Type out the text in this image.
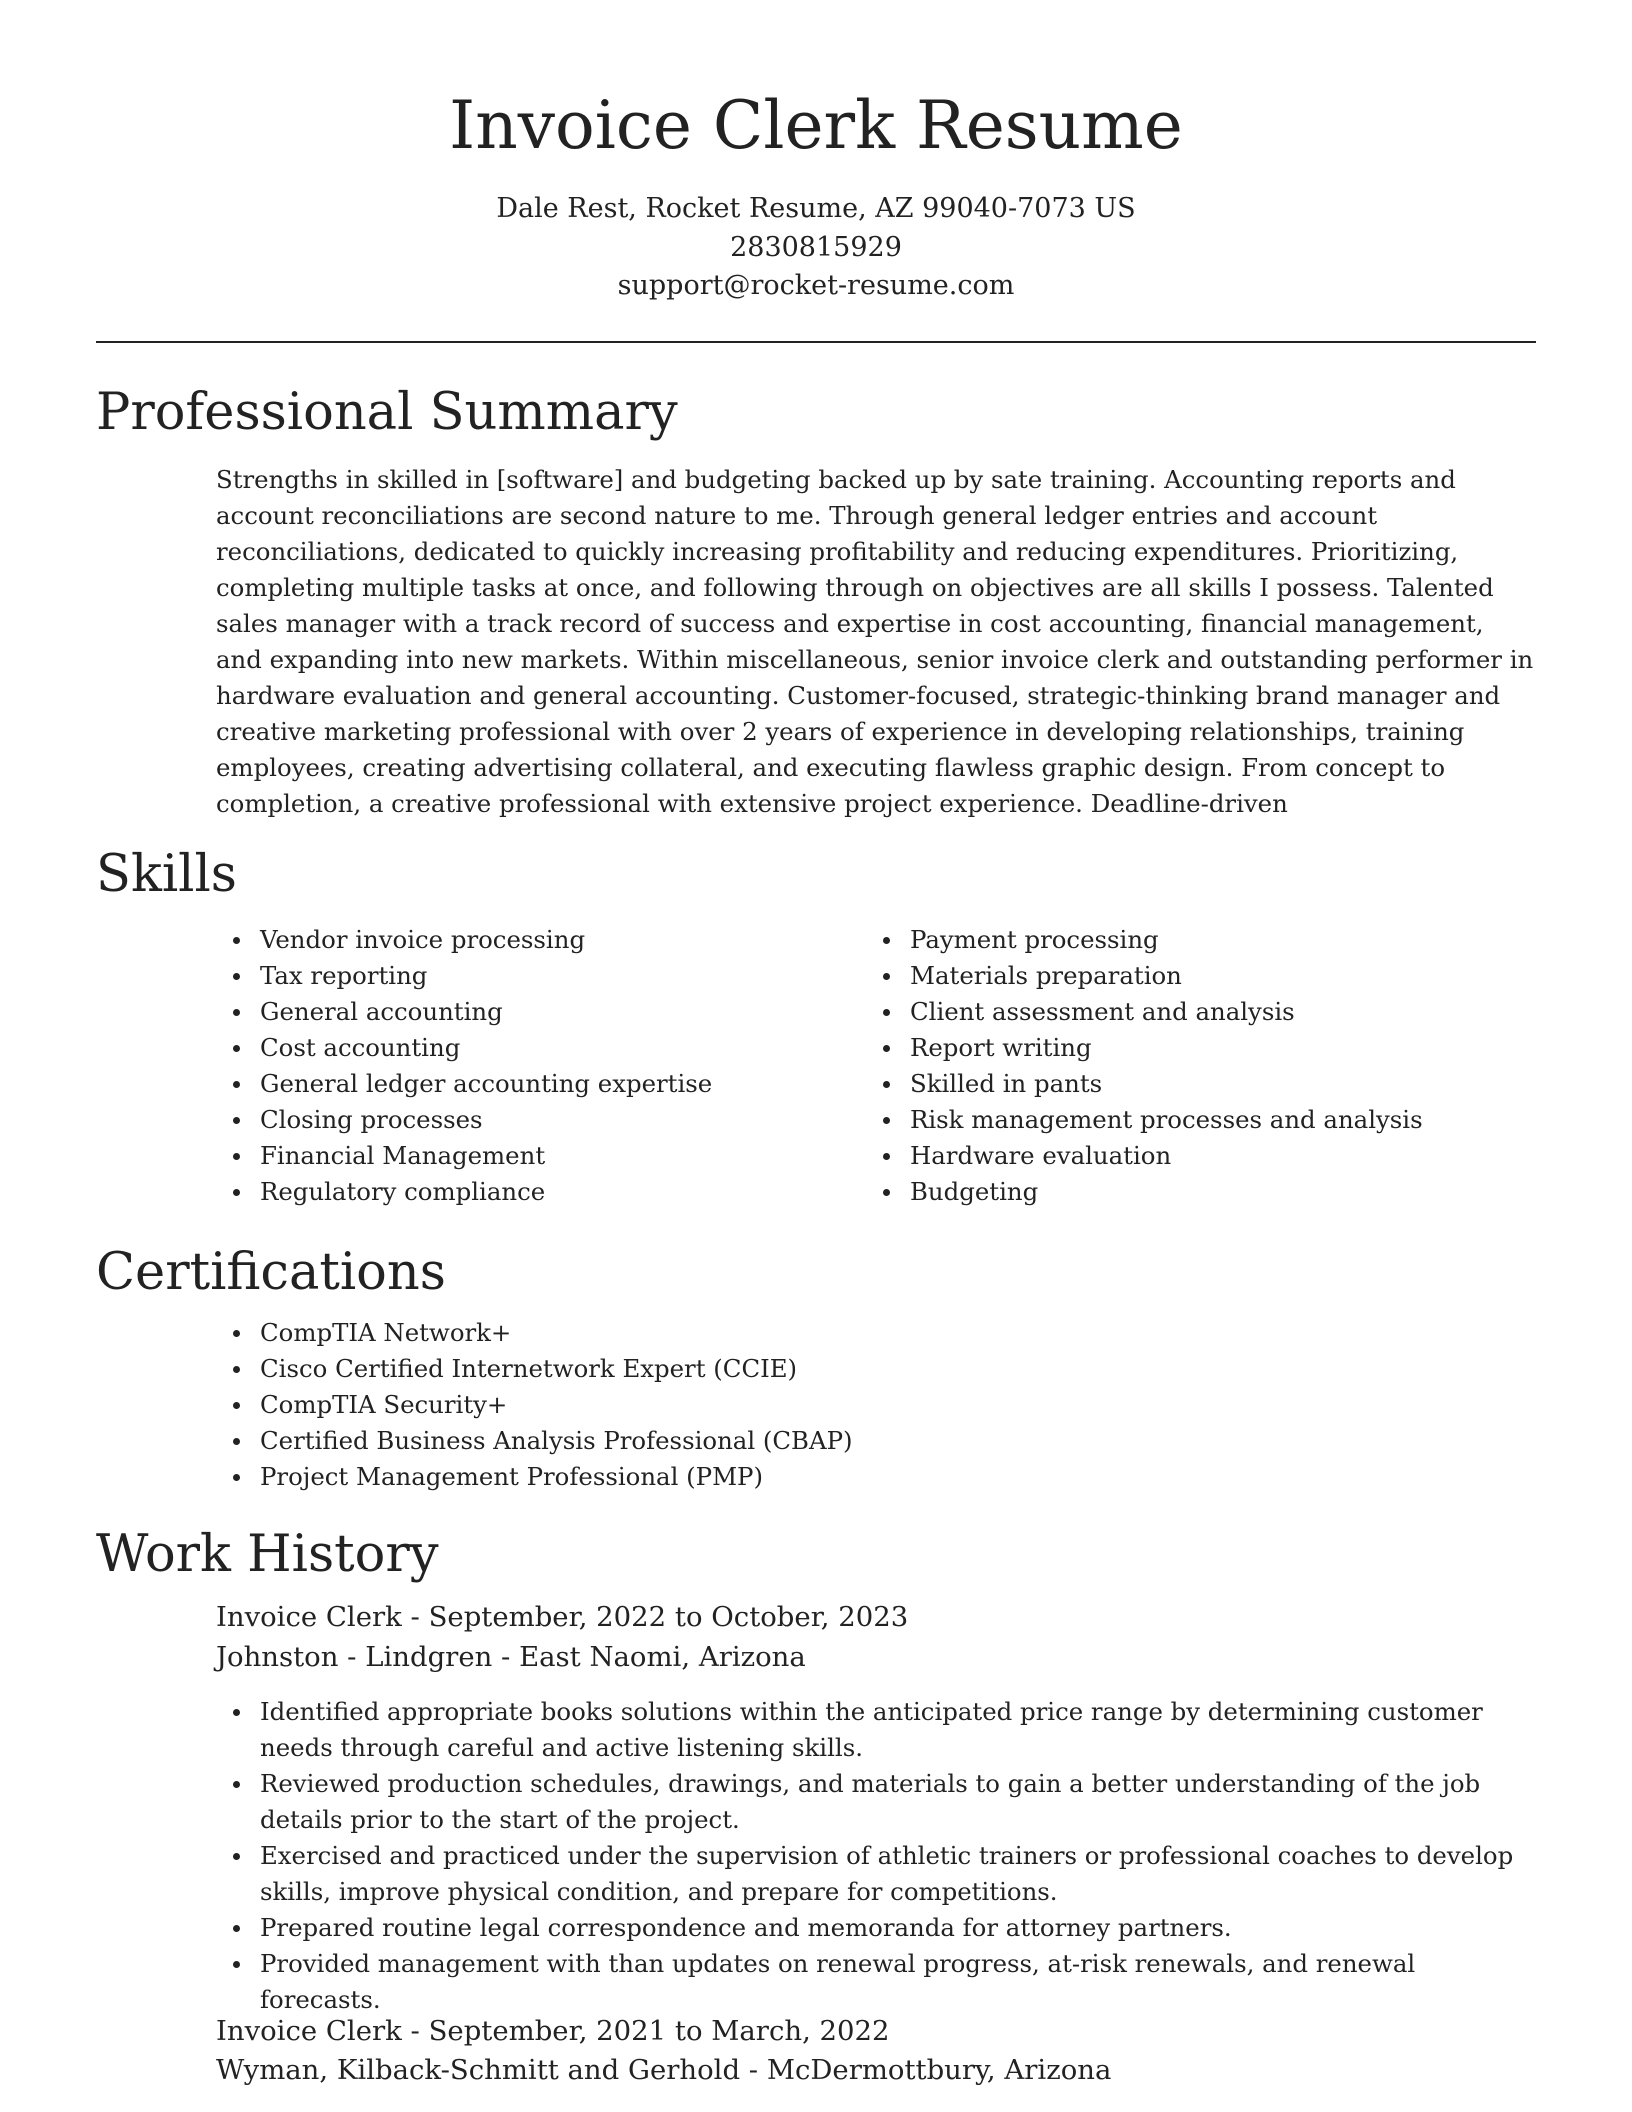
Invoice Clerk Resume

Dale Rest, Rocket Resume, AZ 99040-7073 US

2830815929

support@rocket-resume.com

Professional Summary

Strengths in skilled in [software] and budgeting backed up by sate training. Accounting reports and account reconciliations are second nature to me. Through general ledger entries and account reconciliations, dedicated to quickly increasing profitability and reducing expenditures. Prioritizing, completing multiple tasks at once, and following through on objectives are all skills I possess. Talented sales manager with a track record of success and expertise in cost accounting, financial management, and expanding into new markets. Within miscellaneous, senior invoice clerk and outstanding performer in hardware evaluation and general accounting. Customer-focused, strategic-thinking brand manager and creative marketing professional with over 2 years of experience in developing relationships, training employees, creating advertising collateral, and executing flawless graphic design. From concept to completion, a creative professional with extensive project experience. Deadline-driven

Skills
Vendor invoice processing
Tax reporting
General accounting
Cost accounting
General ledger accounting expertise
Closing processes
Financial Management
Regulatory compliance
Payment processing
Materials preparation
Client assessment and analysis
Report writing
Skilled in pants
Risk management processes and analysis
Hardware evaluation
Budgeting
Certifications
CompTIA Network+
Cisco Certified Internetwork Expert (CCIE)
CompTIA Security+
Certified Business Analysis Professional (CBAP)
Project Management Professional (PMP)
Work History

Invoice Clerk - September, 2022 to October, 2023

Johnston - Lindgren - East Naomi, Arizona

Identified appropriate books solutions within the anticipated price range by determining customer needs through careful and active listening skills.
Reviewed production schedules, drawings, and materials to gain a better understanding of the job details prior to the start of the project.
Exercised and practiced under the supervision of athletic trainers or professional coaches to develop skills, improve physical condition, and prepare for competitions.
Prepared routine legal correspondence and memoranda for attorney partners.
Provided management with than updates on renewal progress, at-risk renewals, and renewal forecasts.

Invoice Clerk - September, 2021 to March, 2022

Wyman, Kilback-Schmitt and Gerhold - McDermottbury, Arizona
